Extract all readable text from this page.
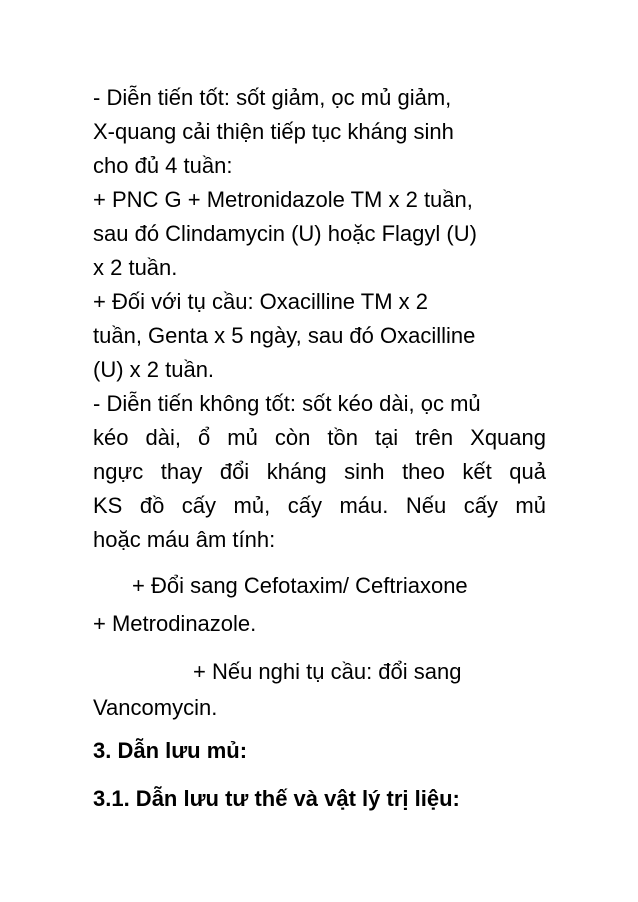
- Diễn tiến tốt: sốt giảm, ọc mủ giảm,
X-quang cải thiện tiếp tục kháng sinh
cho đủ 4 tuần:
+ PNC G + Metronidazole TM x 2 tuần,
sau đó Clindamycin (U) hoặc Flagyl (U)
x 2 tuần.
+ Đối với tụ cầu: Oxacilline TM x 2
tuần, Genta x 5 ngày, sau đó Oxacilline
(U) x 2 tuần.
- Diễn tiến không tốt: sốt kéo dài, ọc mủ
kéo dài, ổ mủ còn tồn tại trên Xquang
ngực thay đổi kháng sinh theo kết quả
KS đồ cấy mủ, cấy máu. Nếu cấy mủ
hoặc máu âm tính:
+ Đổi sang Cefotaxim/ Ceftriaxone
+ Metrodinazole.
+ Nếu nghi tụ cầu: đổi sang
Vancomycin.
3. Dẫn lưu mủ:
3.1. Dẫn lưu tư thế và vật lý trị liệu:
